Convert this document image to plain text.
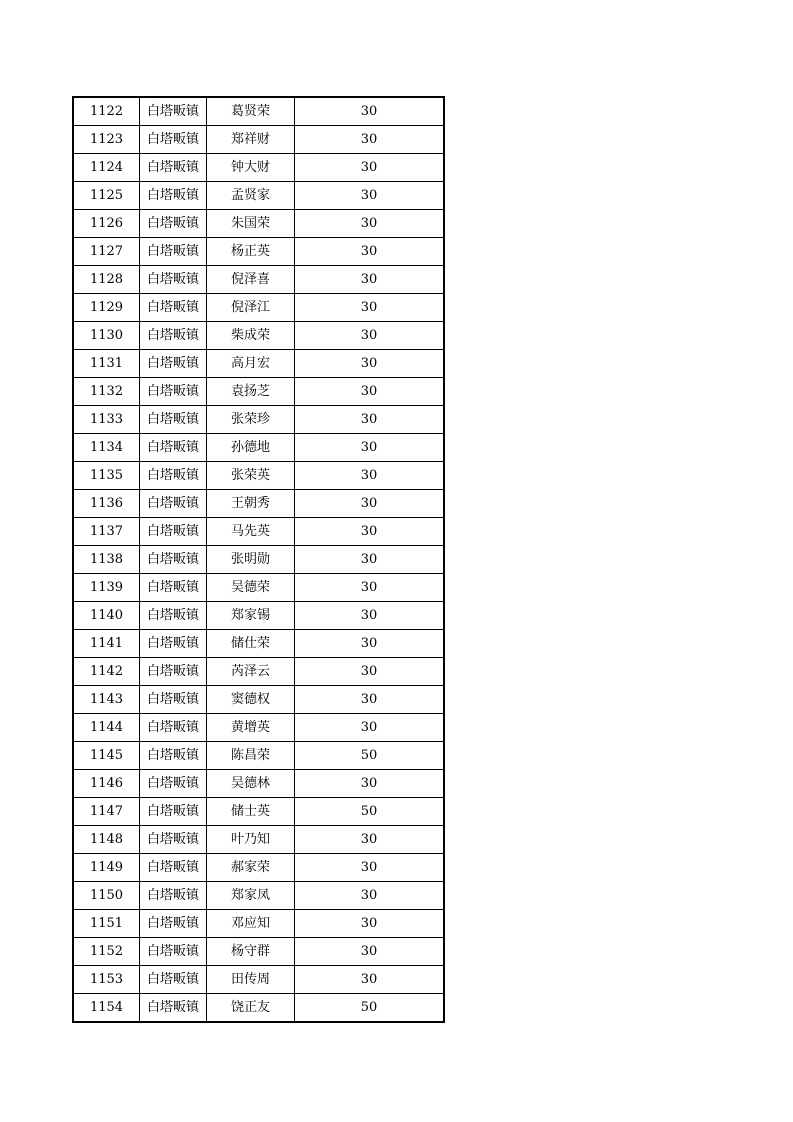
1122	白塔畈镇	葛贤荣	30
1123	白塔畈镇	郑祥财	30
1124	白塔畈镇	钟大财	30
1125	白塔畈镇	孟贤家	30
1126	白塔畈镇	朱国荣	30
1127	白塔畈镇	杨正英	30
1128	白塔畈镇	倪泽喜	30
1129	白塔畈镇	倪泽江	30
1130	白塔畈镇	柴成荣	30
1131	白塔畈镇	高月宏	30
1132	白塔畈镇	袁扬芝	30
1133	白塔畈镇	张荣珍	30
1134	白塔畈镇	孙德地	30
1135	白塔畈镇	张荣英	30
1136	白塔畈镇	王朝秀	30
1137	白塔畈镇	马先英	30
1138	白塔畈镇	张明勋	30
1139	白塔畈镇	吴德荣	30
1140	白塔畈镇	郑家锡	30
1141	白塔畈镇	储仕荣	30
1142	白塔畈镇	芮泽云	30
1143	白塔畈镇	窦德权	30
1144	白塔畈镇	黄增英	30
1145	白塔畈镇	陈昌荣	50
1146	白塔畈镇	吴德林	30
1147	白塔畈镇	储士英	50
1148	白塔畈镇	叶乃知	30
1149	白塔畈镇	郝家荣	30
1150	白塔畈镇	郑家凤	30
1151	白塔畈镇	邓应知	30
1152	白塔畈镇	杨守群	30
1153	白塔畈镇	田传周	30
1154	白塔畈镇	饶正友	50
